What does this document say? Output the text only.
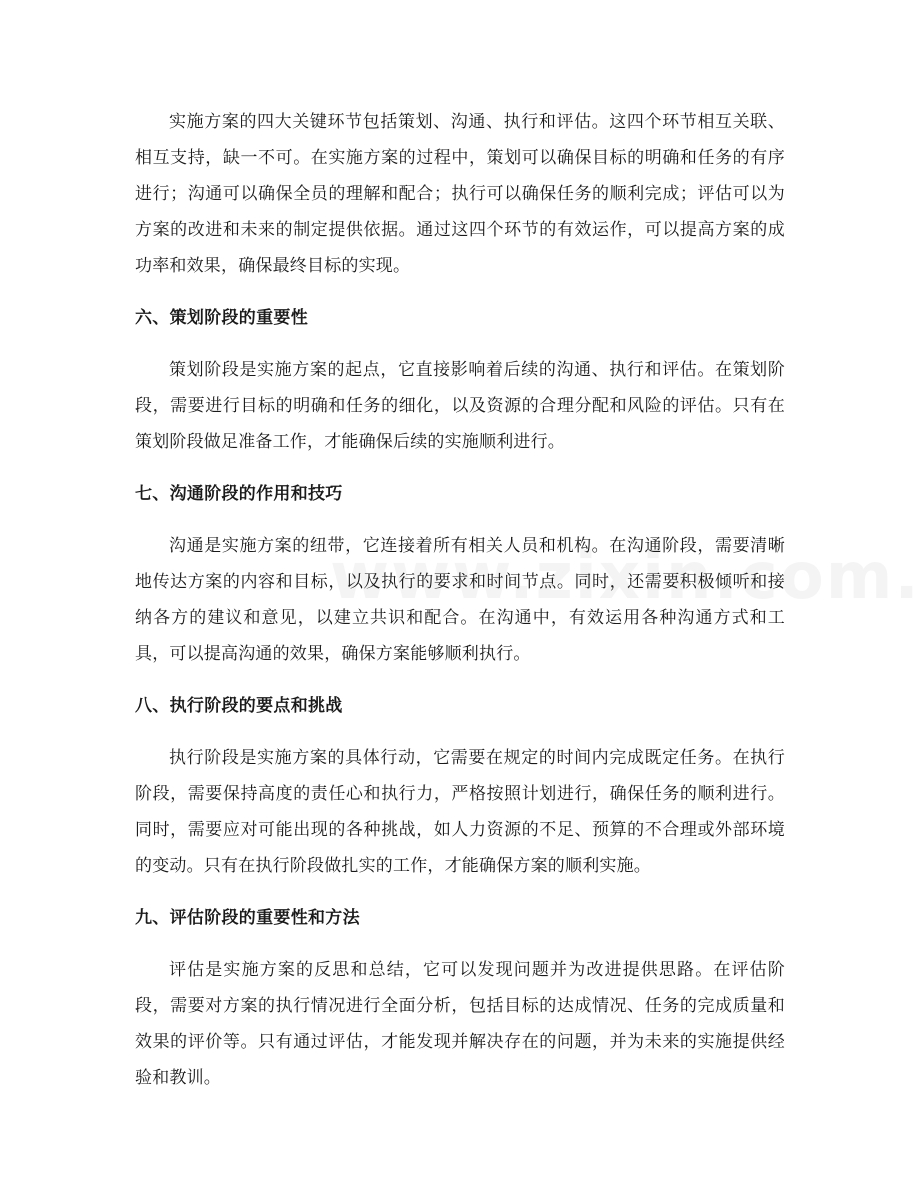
实施方案的四大关键环节包括策划、沟通、执行和评估。这四个环节相互关联、相互支持，缺一不可。在实施方案的过程中，策划可以确保目标的明确和任务的有序进行；沟通可以确保全员的理解和配合；执行可以确保任务的顺利完成；评估可以为方案的改进和未来的制定提供依据。通过这四个环节的有效运作，可以提高方案的成功率和效果，确保最终目标的实现。

六、策划阶段的重要性

策划阶段是实施方案的起点，它直接影响着后续的沟通、执行和评估。在策划阶段，需要进行目标的明确和任务的细化，以及资源的合理分配和风险的评估。只有在策划阶段做足准备工作，才能确保后续的实施顺利进行。

七、沟通阶段的作用和技巧

沟通是实施方案的纽带，它连接着所有相关人员和机构。在沟通阶段，需要清晰地传达方案的内容和目标，以及执行的要求和时间节点。同时，还需要积极倾听和接纳各方的建议和意见，以建立共识和配合。在沟通中，有效运用各种沟通方式和工具，可以提高沟通的效果，确保方案能够顺利执行。

八、执行阶段的要点和挑战

执行阶段是实施方案的具体行动，它需要在规定的时间内完成既定任务。在执行阶段，需要保持高度的责任心和执行力，严格按照计划进行，确保任务的顺利进行。同时，需要应对可能出现的各种挑战，如人力资源的不足、预算的不合理或外部环境的变动。只有在执行阶段做扎实的工作，才能确保方案的顺利实施。

九、评估阶段的重要性和方法

评估是实施方案的反思和总结，它可以发现问题并为改进提供思路。在评估阶段，需要对方案的执行情况进行全面分析，包括目标的达成情况、任务的完成质量和效果的评价等。只有通过评估，才能发现并解决存在的问题，并为未来的实施提供经验和教训。
